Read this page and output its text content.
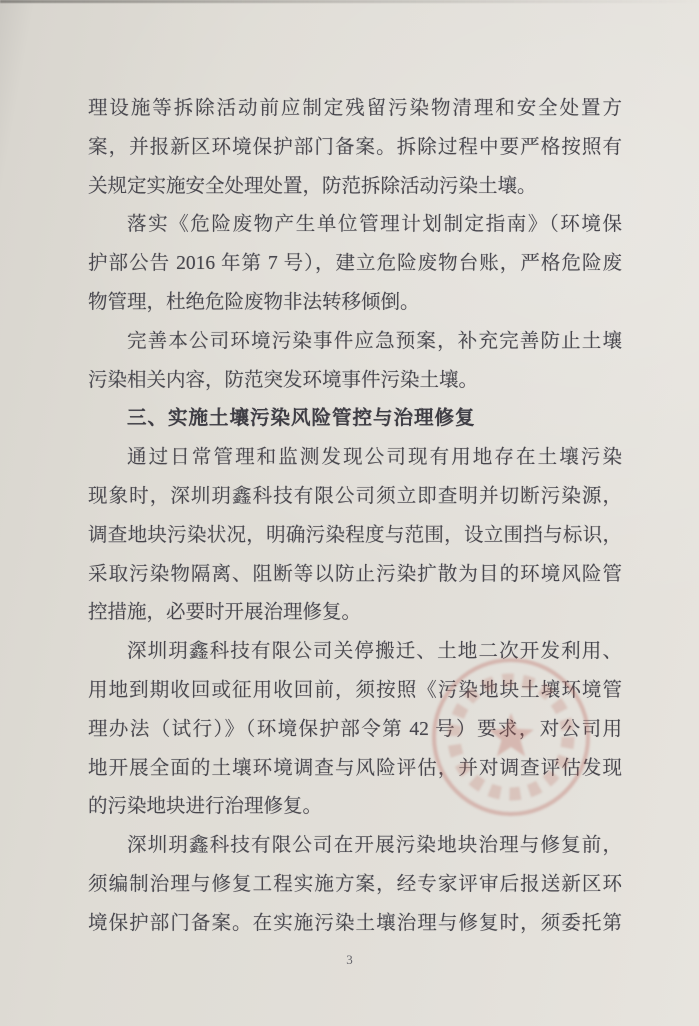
理设施等拆除活动前应制定残留污染物清理和安全处置方
案，并报新区环境保护部门备案。拆除过程中要严格按照有
关规定实施安全处理处置，防范拆除活动污染土壤。
落实《危险废物产生单位管理计划制定指南》（环境保
护部公告 2016 年第 7 号），建立危险废物台账，严格危险废
物管理，杜绝危险废物非法转移倾倒。
完善本公司环境污染事件应急预案，补充完善防止土壤
污染相关内容，防范突发环境事件污染土壤。
三、实施土壤污染风险管控与治理修复
通过日常管理和监测发现公司现有用地存在土壤污染
现象时，深圳玥鑫科技有限公司须立即查明并切断污染源，
调查地块污染状况，明确污染程度与范围，设立围挡与标识，
采取污染物隔离、阻断等以防止污染扩散为目的环境风险管
控措施，必要时开展治理修复。
深圳玥鑫科技有限公司关停搬迁、土地二次开发利用、
用地到期收回或征用收回前，须按照《污染地块土壤环境管
理办法（试行）》（环境保护部令第 42 号）要求，对公司用
地开展全面的土壤环境调查与风险评估，并对调查评估发现
的污染地块进行治理修复。
深圳玥鑫科技有限公司在开展污染地块治理与修复前，
须编制治理与修复工程实施方案，经专家评审后报送新区环
境保护部门备案。在实施污染土壤治理与修复时，须委托第
3
